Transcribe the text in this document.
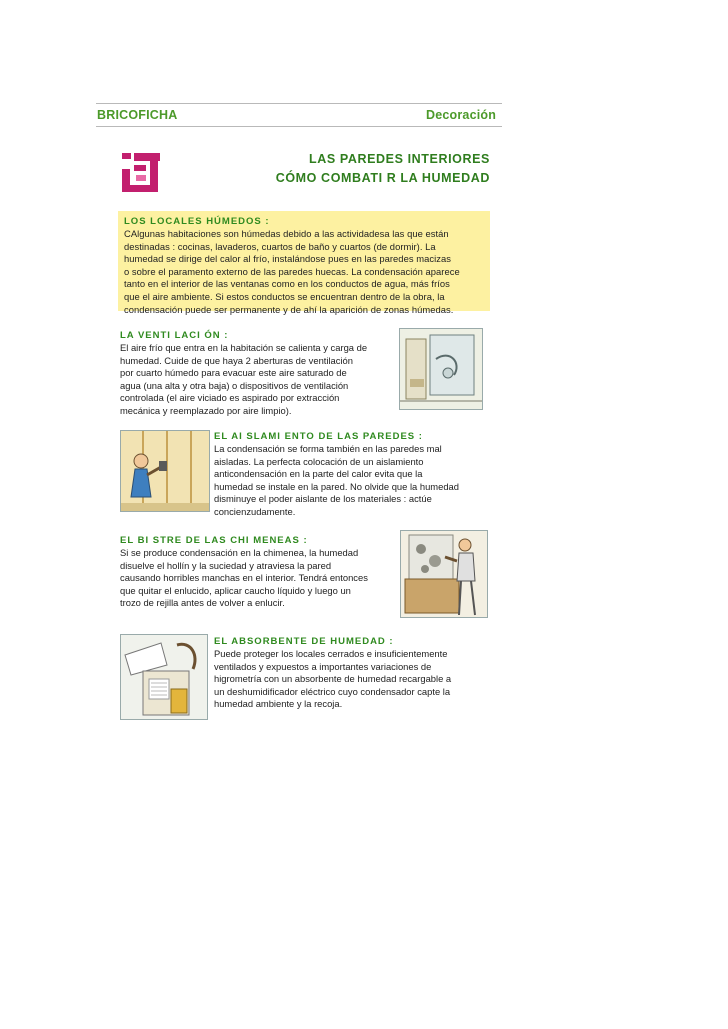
BRICOFICHA	Decoración
LAS PAREDES INTERIORES
CÓMO COMBATI R LA HUMEDAD
LOS LOCALES HÚMEDOS :
CAlgunas habitaciones son húmedas debido a las actividadesa las que están
destinadas : cocinas, lavaderos, cuartos de baño y cuartos (de dormir). La
humedad se dirige del calor al frío, instalándose pues en las paredes macizas
o sobre el paramento externo de las paredes huecas. La condensación aparece
tanto en el interior de las ventanas como en los conductos de agua, más fríos
que el aire ambiente. Si estos conductos se encuentran dentro de la obra, la
condensación puede ser permanente y de ahí la aparición de zonas húmedas.
LA VENTI LACI ÓN :
El aire frío que entra en la habitación se calienta y carga de
humedad. Cuide de que haya 2 aberturas de ventilación
por cuarto húmedo para evacuar este aire saturado de
agua (una alta y otra baja) o dispositivos de ventilación
controlada (el aire viciado es aspirado por extracción
mecánica y reemplazado por aire limpio).
EL AI SLAMI ENTO DE LAS PAREDES :
La condensación se forma también en las paredes mal
aisladas. La perfecta colocación de un aislamiento
anticondensación en la parte del calor evita que la
humedad se instale en la pared. No olvide que la humedad
disminuye el poder aislante de los materiales : actúe
concienzudamente.
EL BI STRE DE LAS CHI MENEAS :
Si se produce condensación en la chimenea, la humedad
disuelve el hollín y la suciedad y atraviesa la pared
causando horribles manchas en el interior. Tendrá entonces
que quitar el enlucido, aplicar caucho líquido y luego un
trozo de rejilla antes de volver a enlucir.
EL ABSORBENTE DE HUMEDAD :
Puede proteger los locales cerrados e insuficientemente
ventilados y expuestos a importantes variaciones de
higrometría con un absorbente de humedad recargable a
un deshumidificador eléctrico cuyo condensador capte la
humedad ambiente y la recoja.
